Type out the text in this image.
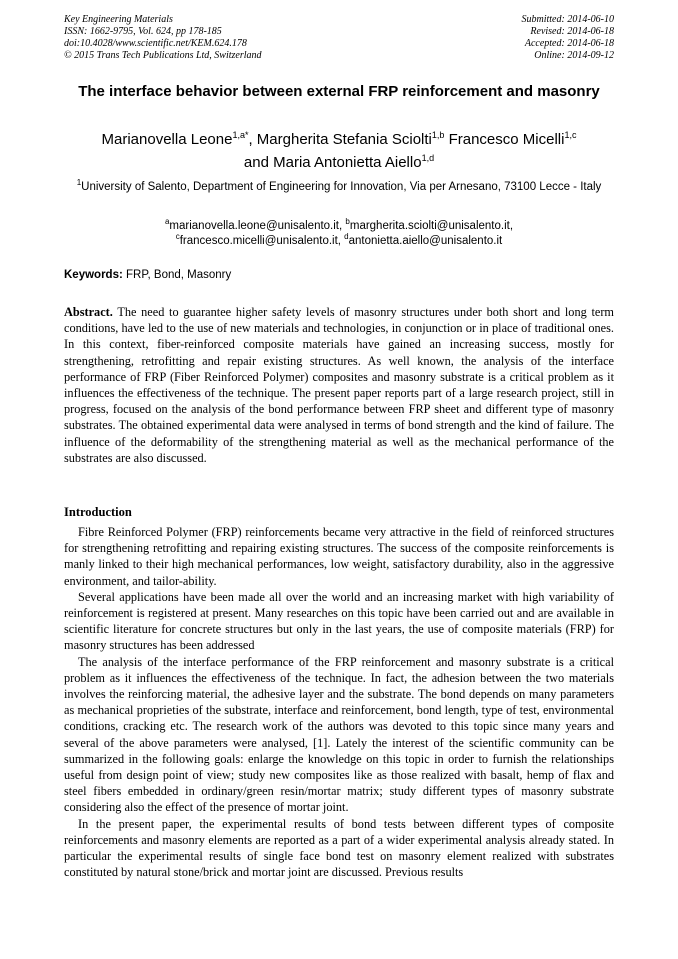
Key Engineering Materials
ISSN: 1662-9795, Vol. 624, pp 178-185
doi:10.4028/www.scientific.net/KEM.624.178
© 2015 Trans Tech Publications Ltd, Switzerland
Submitted: 2014-06-10
Revised: 2014-06-18
Accepted: 2014-06-18
Online: 2014-09-12
The interface behavior between external FRP reinforcement and masonry
Marianovella Leone$^{1,a*}$, Margherita Stefania Sciolti$^{1,b}$ Francesco Micelli$^{1,c}$
and Maria Antonietta Aiello$^{1,d}$
$^1$University of Salento, Department of Engineering for Innovation, Via per Arnesano, 73100 Lecce - Italy
$^a$marianovella.leone@unisalento.it, $^b$margherita.sciolti@unisalento.it,
$^c$francesco.micelli@unisalento.it, $^d$antonietta.aiello@unisalento.it
Keywords: FRP, Bond, Masonry
Abstract. The need to guarantee higher safety levels of masonry structures under both short and long term conditions, have led to the use of new materials and technologies, in conjunction or in place of traditional ones. In this context, fiber-reinforced composite materials have gained an increasing success, mostly for strengthening, retrofitting and repair existing structures. As well known, the analysis of the interface performance of FRP (Fiber Reinforced Polymer) composites and masonry substrate is a critical problem as it influences the effectiveness of the technique. The present paper reports part of a large research project, still in progress, focused on the analysis of the bond performance between FRP sheet and different type of masonry substrates. The obtained experimental data were analysed in terms of bond strength and the kind of failure. The influence of the deformability of the strengthening material as well as the mechanical performance of the substrates are also discussed.
Introduction

Fibre Reinforced Polymer (FRP) reinforcements became very attractive in the field of reinforced structures for strengthening retrofitting and repairing existing structures. The success of the composite reinforcements is manly linked to their high mechanical performances, low weight, satisfactory durability, also in the aggressive environment, and tailor-ability.

Several applications have been made all over the world and an increasing market with high variability of reinforcement is registered at present. Many researches on this topic have been carried out and are available in scientific literature for concrete structures but only in the last years, the use of composite materials (FRP) for masonry structures has been addressed

The analysis of the interface performance of the FRP reinforcement and masonry substrate is a critical problem as it influences the effectiveness of the technique. In fact, the adhesion between the two materials involves the reinforcing material, the adhesive layer and the substrate. The bond depends on many parameters as mechanical proprieties of the substrate, interface and reinforcement, bond length, type of test, environmental conditions, cracking etc. The research work of the authors was devoted to this topic since many years and several of the above parameters were analysed, [1]. Lately the interest of the scientific community can be summarized in the following goals: enlarge the knowledge on this topic in order to furnish the relationships useful from design point of view; study new composites like as those realized with basalt, hemp of flax and steel fibers embedded in ordinary/green resin/mortar matrix; study different types of masonry substrate considering also the effect of the presence of mortar joint.

In the present paper, the experimental results of bond tests between different types of composite reinforcements and masonry elements are reported as a part of a wider experimental analysis already stated. In particular the experimental results of single face bond test on masonry element realized with substrates constituted by natural stone/brick and mortar joint are discussed. Previous results
